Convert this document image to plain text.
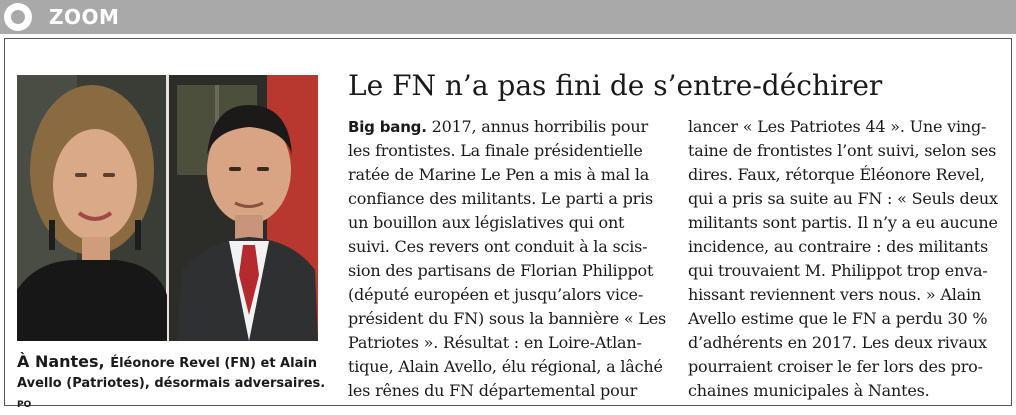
ZOOM
À Nantes, Éléonore Revel (FN) et Alain Avello (Patriotes), désormais adversaires. PO
Le FN n’a pas fini de s’entre-déchirer
Big bang. 2017, annus horribilis pour
les frontistes. La finale présidentielle
ratée de Marine Le Pen a mis à mal la
confiance des militants. Le parti a pris
un bouillon aux législatives qui ont
suivi. Ces revers ont conduit à la scis-
sion des partisans de Florian Philippot
(député européen et jusqu’alors vice-
président du FN) sous la bannière « Les
Patriotes ». Résultat : en Loire-Atlan-
tique, Alain Avello, élu régional, a lâché
les rênes du FN départemental pour
lancer « Les Patriotes 44 ». Une ving-
taine de frontistes l’ont suivi, selon ses
dires. Faux, rétorque Éléonore Revel,
qui a pris sa suite au FN : « Seuls deux
militants sont partis. Il n’y a eu aucune
incidence, au contraire : des militants
qui trouvaient M. Philippot trop enva-
hissant reviennent vers nous. » Alain
Avello estime que le FN a perdu 30 %
d’adhérents en 2017. Les deux rivaux
pourraient croiser le fer lors des pro-
chaines municipales à Nantes.
